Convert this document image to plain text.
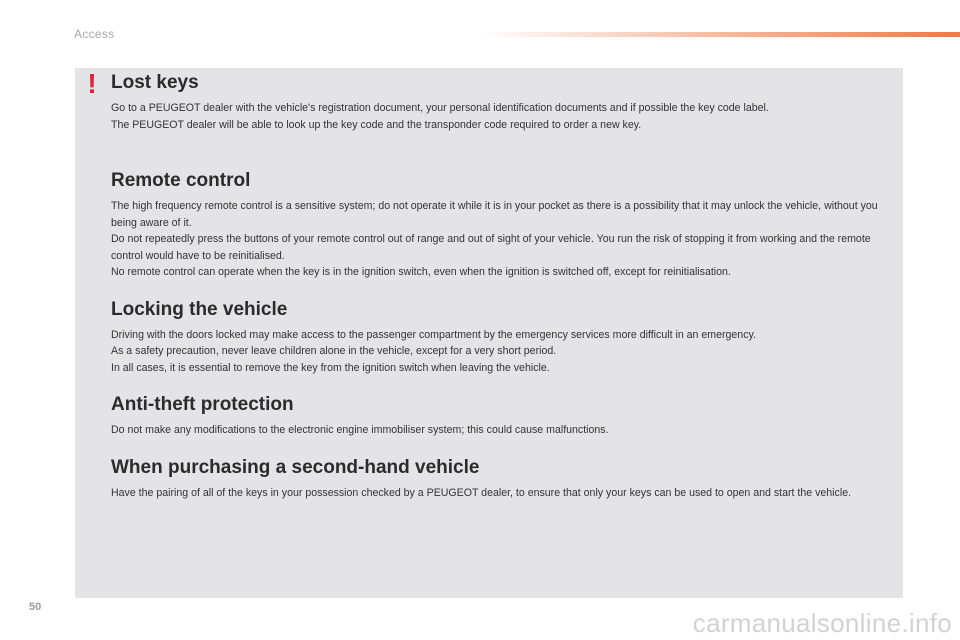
Access
! Lost keys

Go to a PEUGEOT dealer with the vehicle's registration document, your personal identification documents and if possible the key code label.
The PEUGEOT dealer will be able to look up the key code and the transponder code required to order a new key.

Remote control

The high frequency remote control is a sensitive system; do not operate it while it is in your pocket as there is a possibility that it may unlock the vehicle, without you being aware of it.
Do not repeatedly press the buttons of your remote control out of range and out of sight of your vehicle. You run the risk of stopping it from working and the remote control would have to be reinitialised.
No remote control can operate when the key is in the ignition switch, even when the ignition is switched off, except for reinitialisation.

Locking the vehicle

Driving with the doors locked may make access to the passenger compartment by the emergency services more difficult in an emergency.
As a safety precaution, never leave children alone in the vehicle, except for a very short period.
In all cases, it is essential to remove the key from the ignition switch when leaving the vehicle.

Anti-theft protection

Do not make any modifications to the electronic engine immobiliser system; this could cause malfunctions.

When purchasing a second-hand vehicle

Have the pairing of all of the keys in your possession checked by a PEUGEOT dealer, to ensure that only your keys can be used to open and start the vehicle.

50
carmanualsonline.info
